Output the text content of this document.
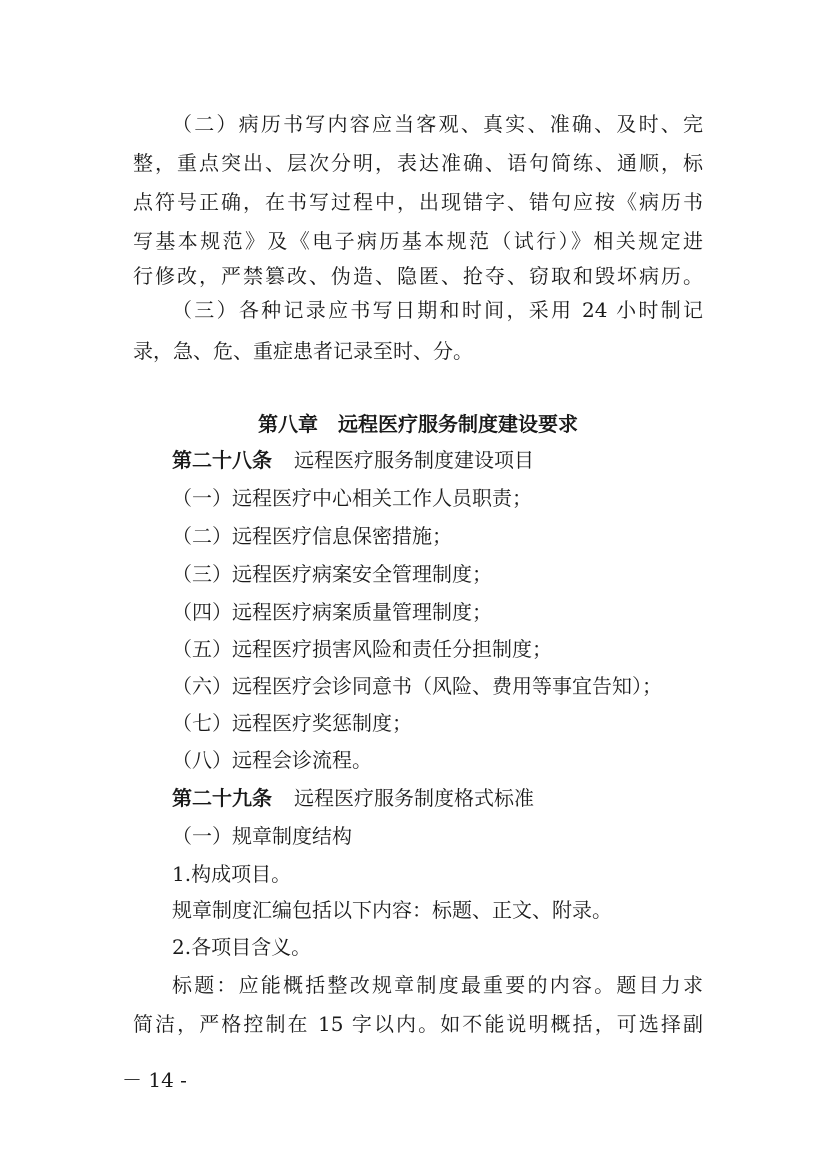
（二）病历书写内容应当客观、真实、准确、及时、完
整，重点突出、层次分明，表达准确、语句简练、通顺，标
点符号正确，在书写过程中，出现错字、错句应按《病历书
写基本规范》及《电子病历基本规范（试行）》相关规定进
行修改，严禁篡改、伪造、隐匿、抢夺、窃取和毁坏病历。
（三）各种记录应书写日期和时间，采用 24 小时制记
录，急、危、重症患者记录至时、分。
第八章　远程医疗服务制度建设要求
第二十八条 远程医疗服务制度建设项目
（一）远程医疗中心相关工作人员职责；
（二）远程医疗信息保密措施；
（三）远程医疗病案安全管理制度；
（四）远程医疗病案质量管理制度；
（五）远程医疗损害风险和责任分担制度；
（六）远程医疗会诊同意书（风险、费用等事宜告知）；
（七）远程医疗奖惩制度；
（八）远程会诊流程。
第二十九条 远程医疗服务制度格式标准
（一）规章制度结构
1.构成项目。
规章制度汇编包括以下内容：标题、正文、附录。
2.各项目含义。
标题：应能概括整改规章制度最重要的内容。题目力求
简洁，严格控制在 15 字以内。如不能说明概括，可选择副
－ 14 -
